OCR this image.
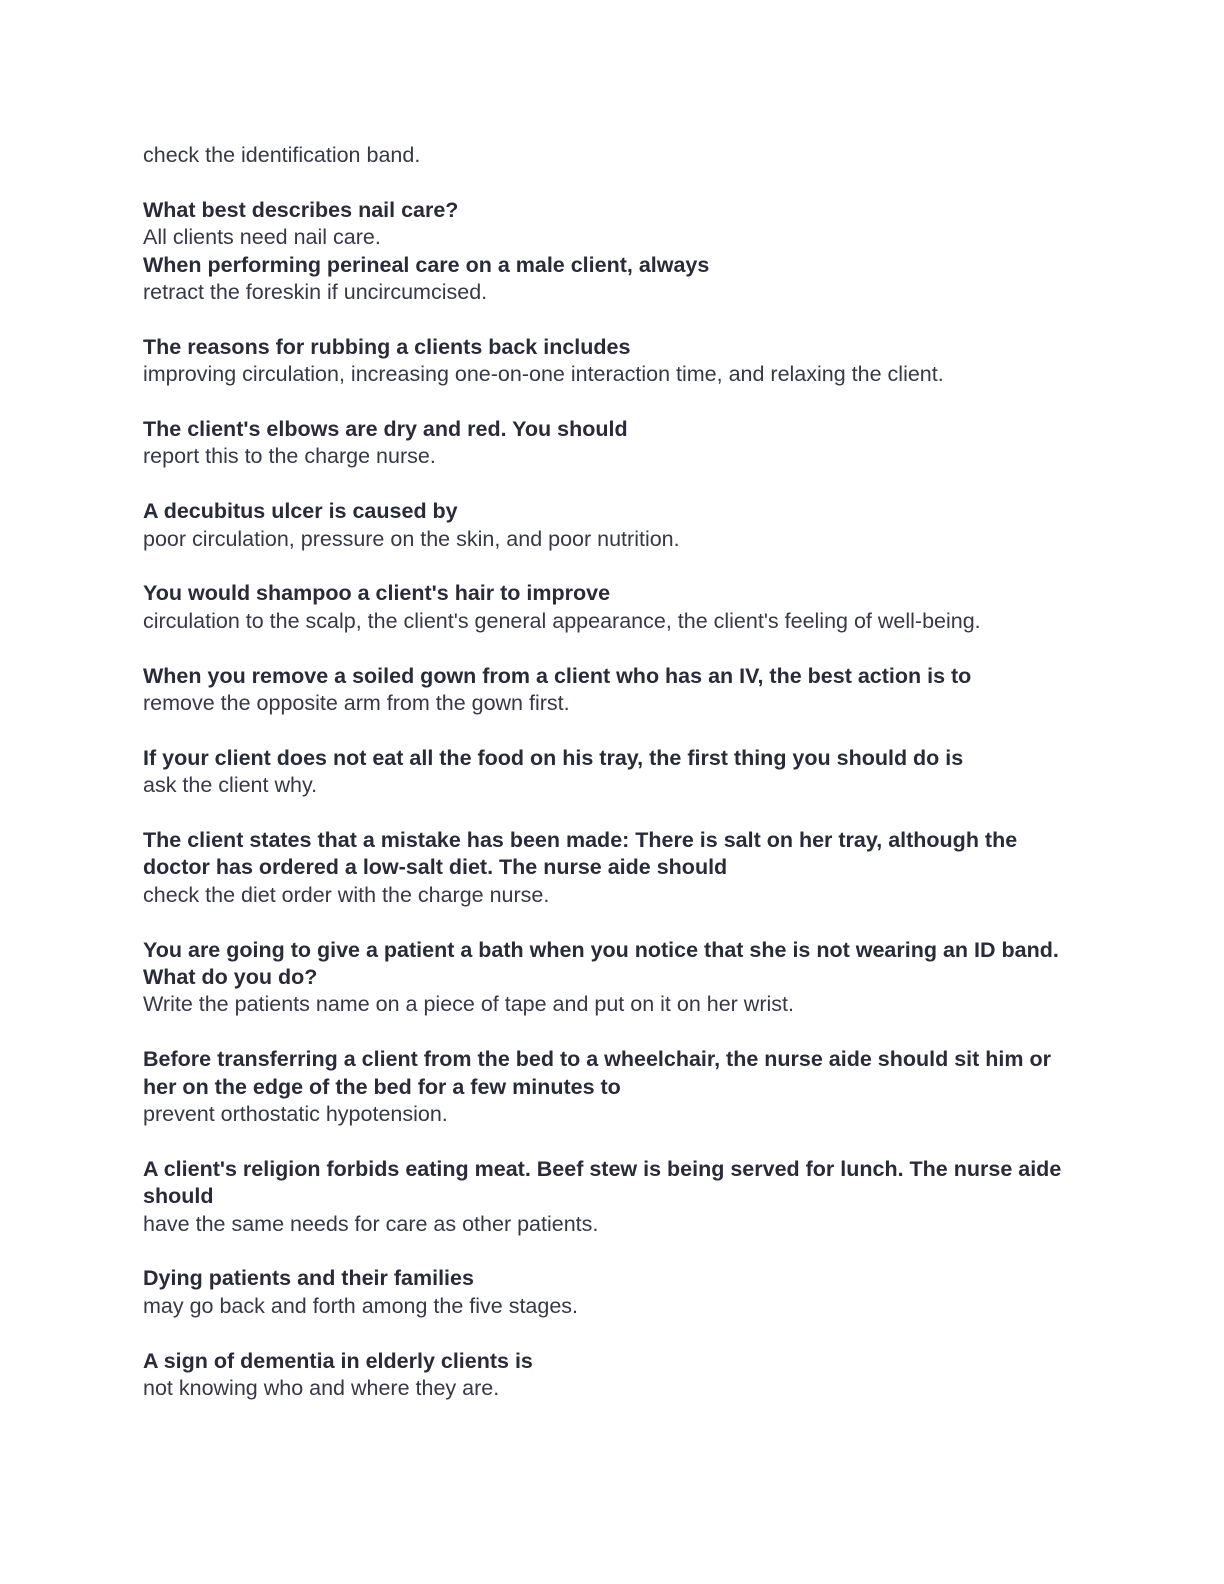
check the identification band.
What best describes nail care?
All clients need nail care.
When performing perineal care on a male client, always
retract the foreskin if uncircumcised.
The reasons for rubbing a clients back includes
improving circulation, increasing one-on-one interaction time, and relaxing the client.
The client's elbows are dry and red. You should
report this to the charge nurse.
A decubitus ulcer is caused by
poor circulation, pressure on the skin, and poor nutrition.
You would shampoo a client's hair to improve
circulation to the scalp, the client's general appearance, the client's feeling of well-being.
When you remove a soiled gown from a client who has an IV, the best action is to
remove the opposite arm from the gown first.
If your client does not eat all the food on his tray, the first thing you should do is
ask the client why.
The client states that a mistake has been made: There is salt on her tray, although the doctor has ordered a low-salt diet. The nurse aide should
check the diet order with the charge nurse.
You are going to give a patient a bath when you notice that she is not wearing an ID band. What do you do?
Write the patients name on a piece of tape and put on it on her wrist.
Before transferring a client from the bed to a wheelchair, the nurse aide should sit him or her on the edge of the bed for a few minutes to
prevent orthostatic hypotension.
A client's religion forbids eating meat. Beef stew is being served for lunch. The nurse aide should
have the same needs for care as other patients.
Dying patients and their families
may go back and forth among the five stages.
A sign of dementia in elderly clients is
not knowing who and where they are.
